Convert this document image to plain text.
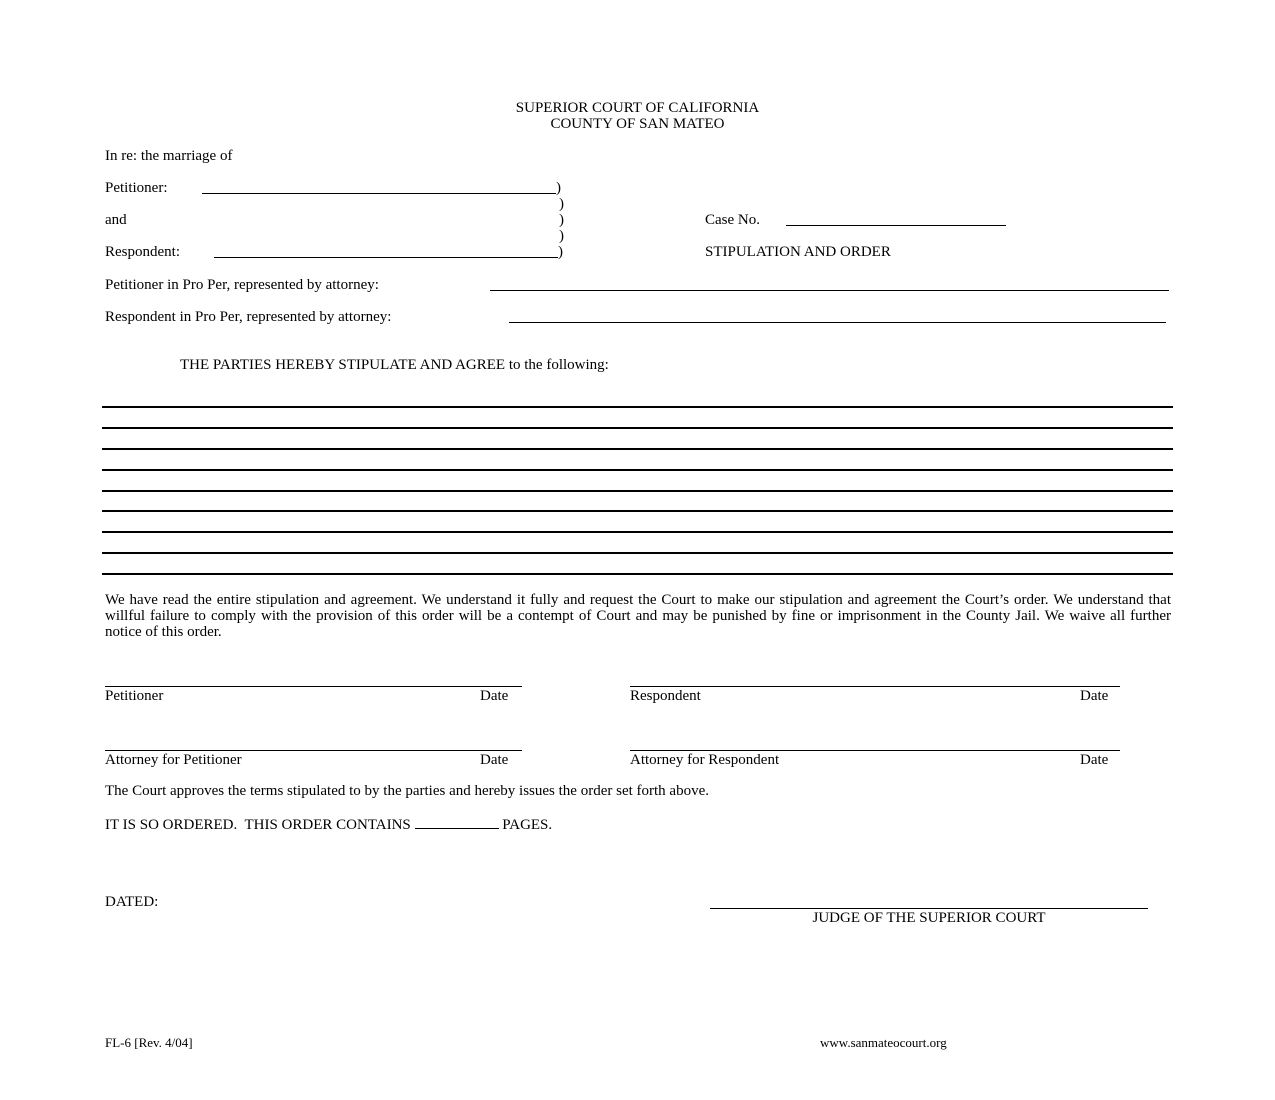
SUPERIOR COURT OF CALIFORNIA
COUNTY OF SAN MATEO
In re: the marriage of
Petitioner:	)
)
and	)
)
Respondent:	)
Case No.
STIPULATION AND ORDER
Petitioner in Pro Per, represented by attorney:
Respondent in Pro Per, represented by attorney:
THE PARTIES HEREBY STIPULATE AND AGREE to the following:
We have read the entire stipulation and agreement. We understand it fully and request the Court to make our stipulation and agreement the Court’s order. We understand that willful failure to comply with the provision of this order will be a contempt of Court and may be punished by fine or imprisonment in the County Jail. We waive all further notice of this order.
Petitioner	Date	Respondent	Date
Attorney for Petitioner	Date	Attorney for Respondent	Date
The Court approves the terms stipulated to by the parties and hereby issues the order set forth above.
IT IS SO ORDERED.  THIS ORDER CONTAINS	PAGES.
DATED:
JUDGE OF THE SUPERIOR COURT
FL-6 [Rev. 4/04]	www.sanmateocourt.org
